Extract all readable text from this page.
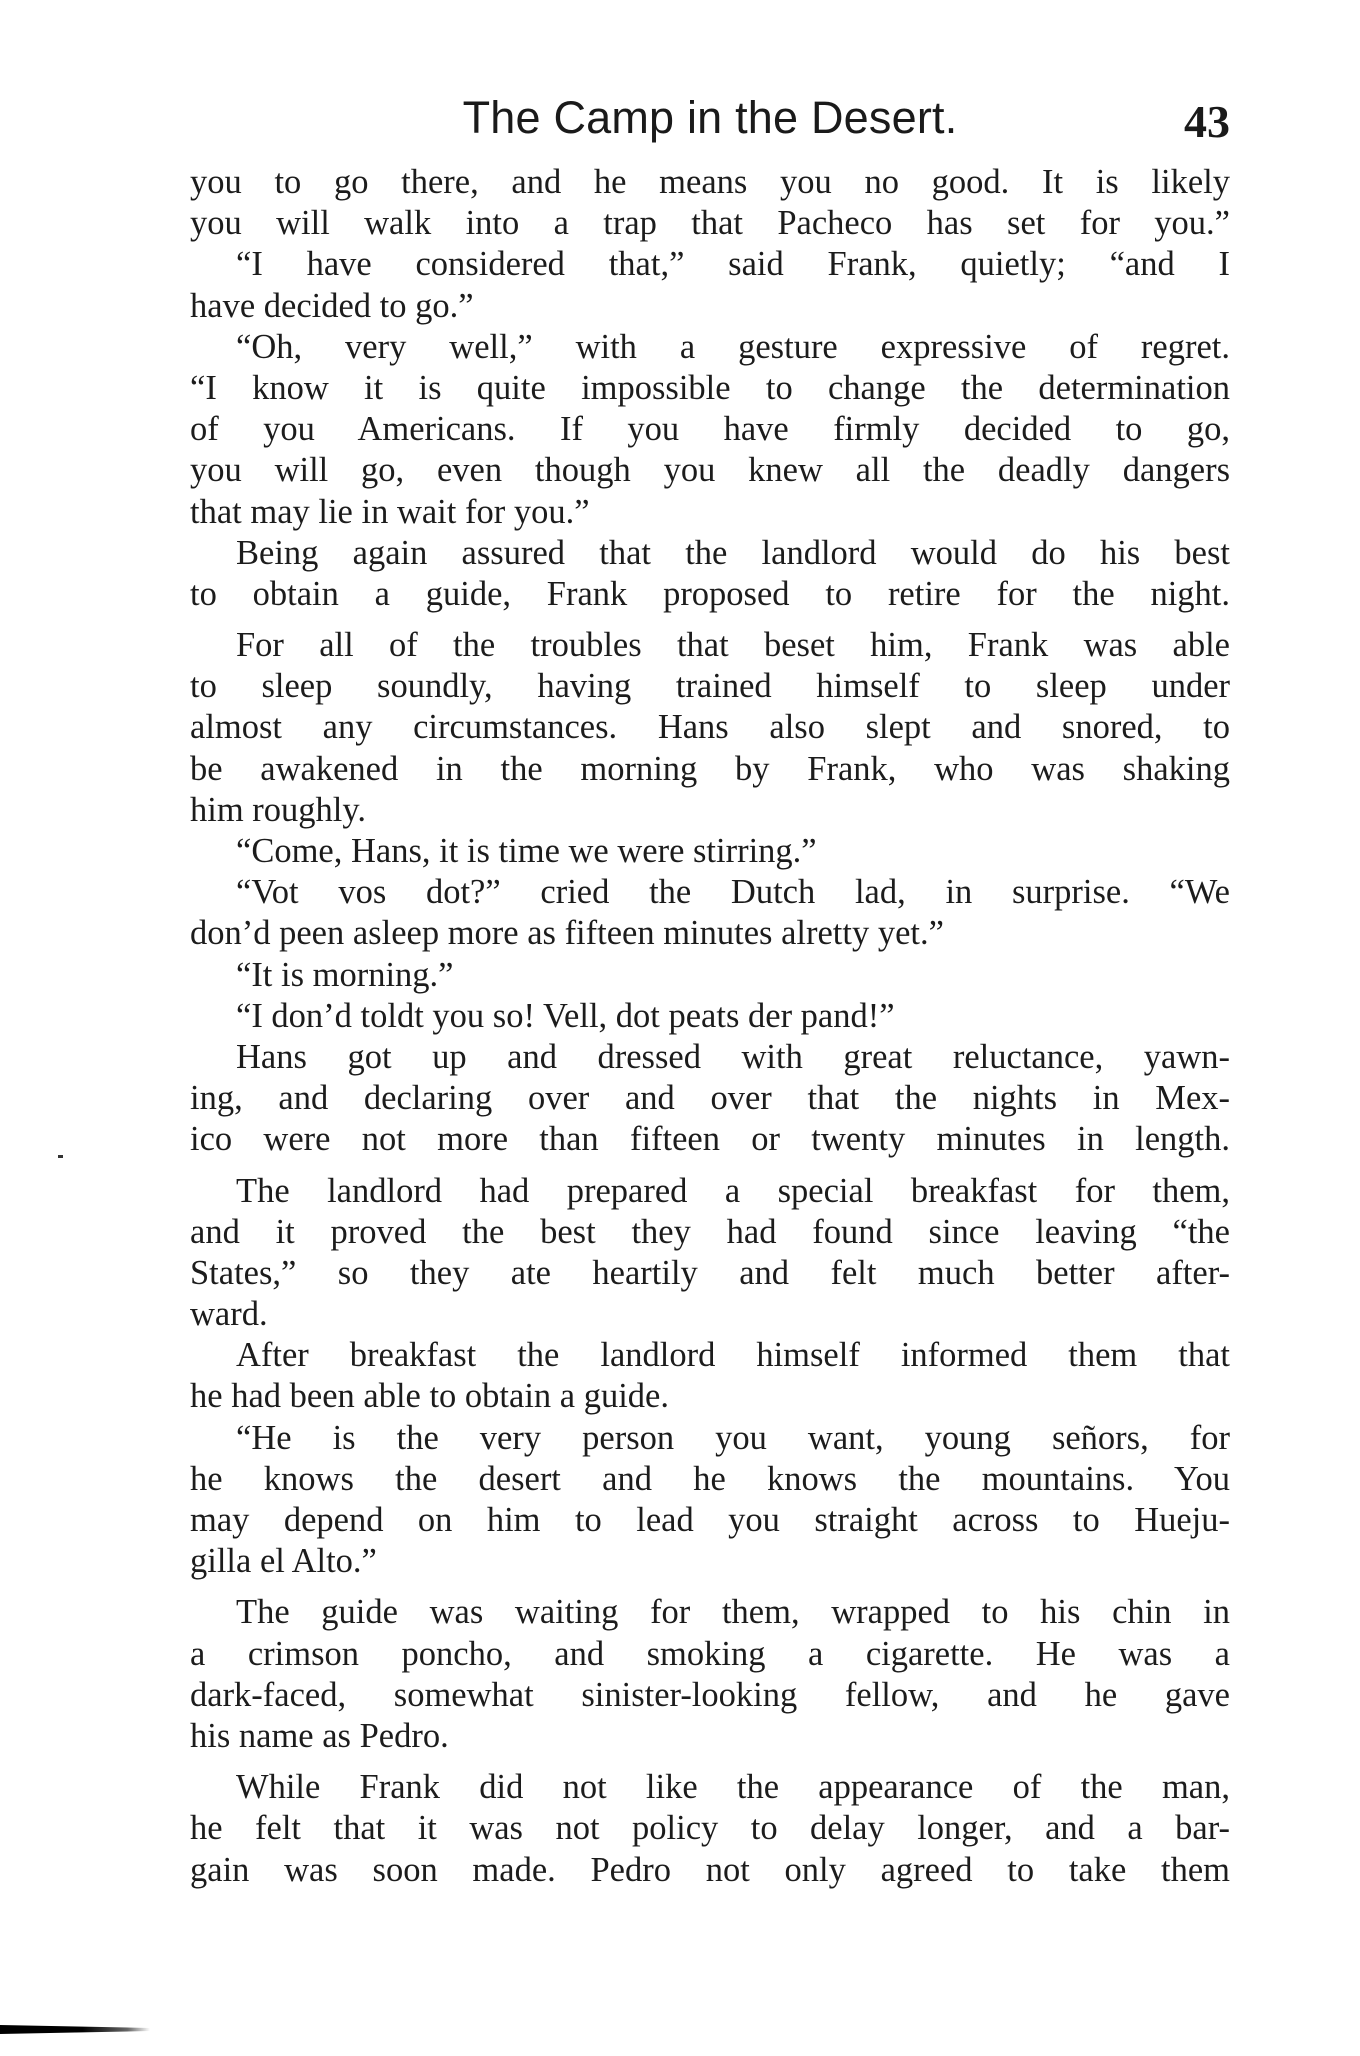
The Camp in the Desert.	43
you to go there, and he means you no good. It is likely
you will walk into a trap that Pacheco has set for you.”
“I have considered that,” said Frank, quietly; “and I
have decided to go.”
“Oh, very well,” with a gesture expressive of regret.
“I know it is quite impossible to change the determination
of you Americans. If you have firmly decided to go,
you will go, even though you knew all the deadly dangers
that may lie in wait for you.”
Being again assured that the landlord would do his best
to obtain a guide, Frank proposed to retire for the night.
For all of the troubles that beset him, Frank was able
to sleep soundly, having trained himself to sleep under
almost any circumstances. Hans also slept and snored, to
be awakened in the morning by Frank, who was shaking
him roughly.
“Come, Hans, it is time we were stirring.”
“Vot vos dot?” cried the Dutch lad, in surprise. “We
don’d peen asleep more as fifteen minutes alretty yet.”
“It is morning.”
“I don’d toldt you so! Vell, dot peats der pand!”
Hans got up and dressed with great reluctance, yawn-
ing, and declaring over and over that the nights in Mex-
ico were not more than fifteen or twenty minutes in length.
The landlord had prepared a special breakfast for them,
and it proved the best they had found since leaving “the
States,” so they ate heartily and felt much better after-
ward.
After breakfast the landlord himself informed them that
he had been able to obtain a guide.
“He is the very person you want, young señors, for
he knows the desert and he knows the mountains. You
may depend on him to lead you straight across to Hueju-
gilla el Alto.”
The guide was waiting for them, wrapped to his chin in
a crimson poncho, and smoking a cigarette. He was a
dark-faced, somewhat sinister-looking fellow, and he gave
his name as Pedro.
While Frank did not like the appearance of the man,
he felt that it was not policy to delay longer, and a bar-
gain was soon made. Pedro not only agreed to take them
